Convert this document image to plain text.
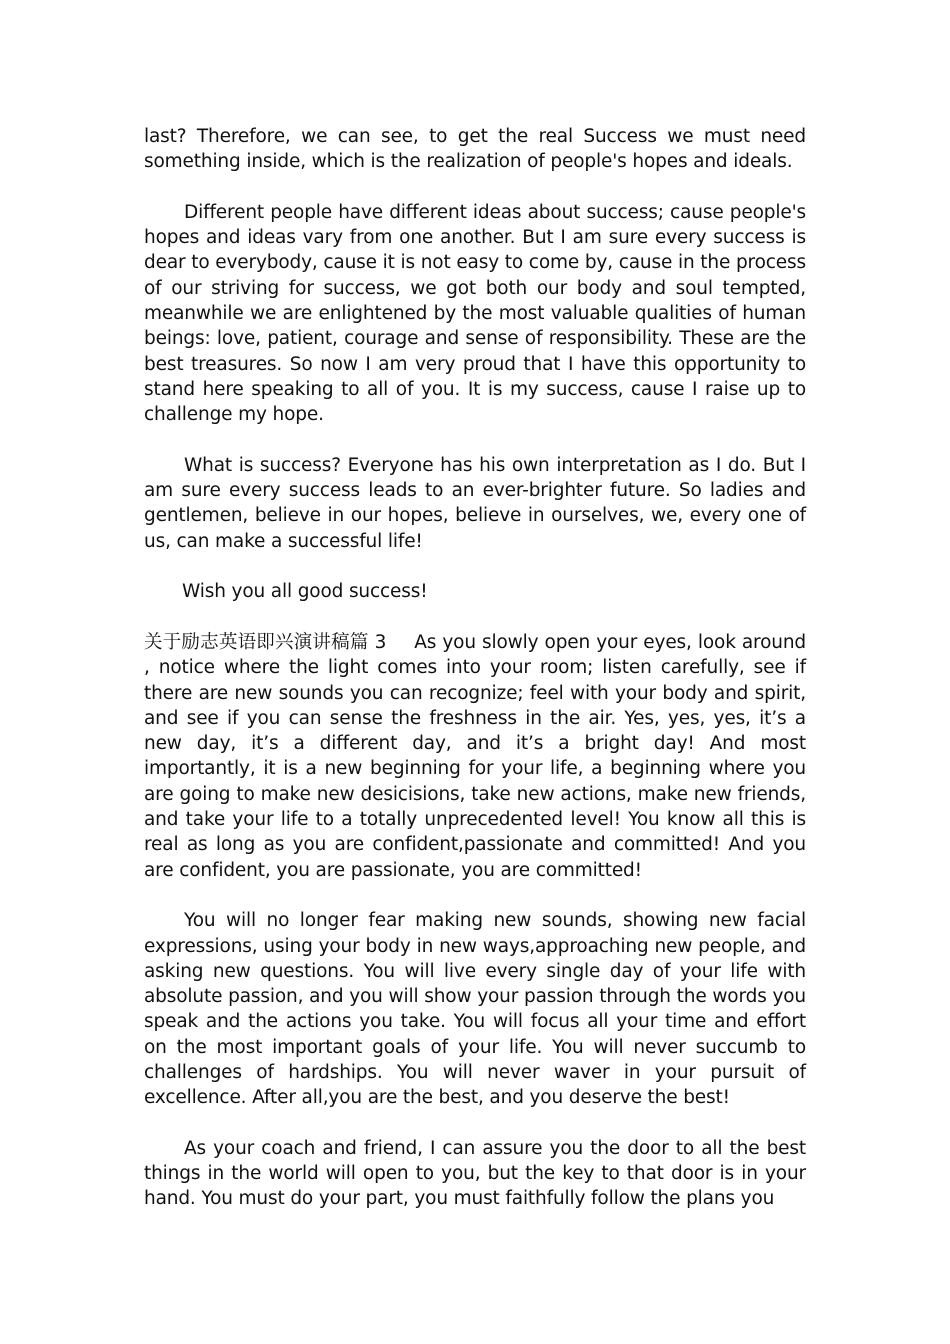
last? Therefore, we can see, to get the real Success we must need something inside, which is the realization of people's hopes and ideals.

Different people have different ideas about success; cause people's hopes and ideas vary from one another. But I am sure every success is dear to everybody, cause it is not easy to come by, cause in the process of our striving for success, we got both our body and soul tempted, meanwhile we are enlightened by the most valuable qualities of human beings: love, patient, courage and sense of responsibility. These are the best treasures. So now I am very proud that I have this opportunity to stand here speaking to all of you. It is my success, cause I raise up to challenge my hope.

What is success? Everyone has his own interpretation as I do. But I am sure every success leads to an ever-brighter future. So ladies and gentlemen, believe in our hopes, believe in ourselves, we, every one of us, can make a successful life!

Wish you all good success!

关于励志英语即兴演讲稿篇 3 As you slowly open your eyes, look around , notice where the light comes into your room; listen carefully, see if there are new sounds you can recognize; feel with your body and spirit, and see if you can sense the freshness in the air. Yes, yes, yes, it’s a new day, it’s a different day, and it’s a bright day! And most importantly, it is a new beginning for your life, a beginning where you are going to make new desicisions, take new actions, make new friends, and take your life to a totally unprecedented level! You know all this is real as long as you are confident,passionate and committed! And you are confident, you are passionate, you are committed!

You will no longer fear making new sounds, showing new facial expressions, using your body in new ways,approaching new people, and asking new questions. You will live every single day of your life with absolute passion, and you will show your passion through the words you speak and the actions you take. You will focus all your time and effort on the most important goals of your life. You will never succumb to challenges of hardships. You will never waver in your pursuit of excellence. After all,you are the best, and you deserve the best!

As your coach and friend, I can assure you the door to all the best things in the world will open to you, but the key to that door is in your hand. You must do your part, you must faithfully follow the plans you
